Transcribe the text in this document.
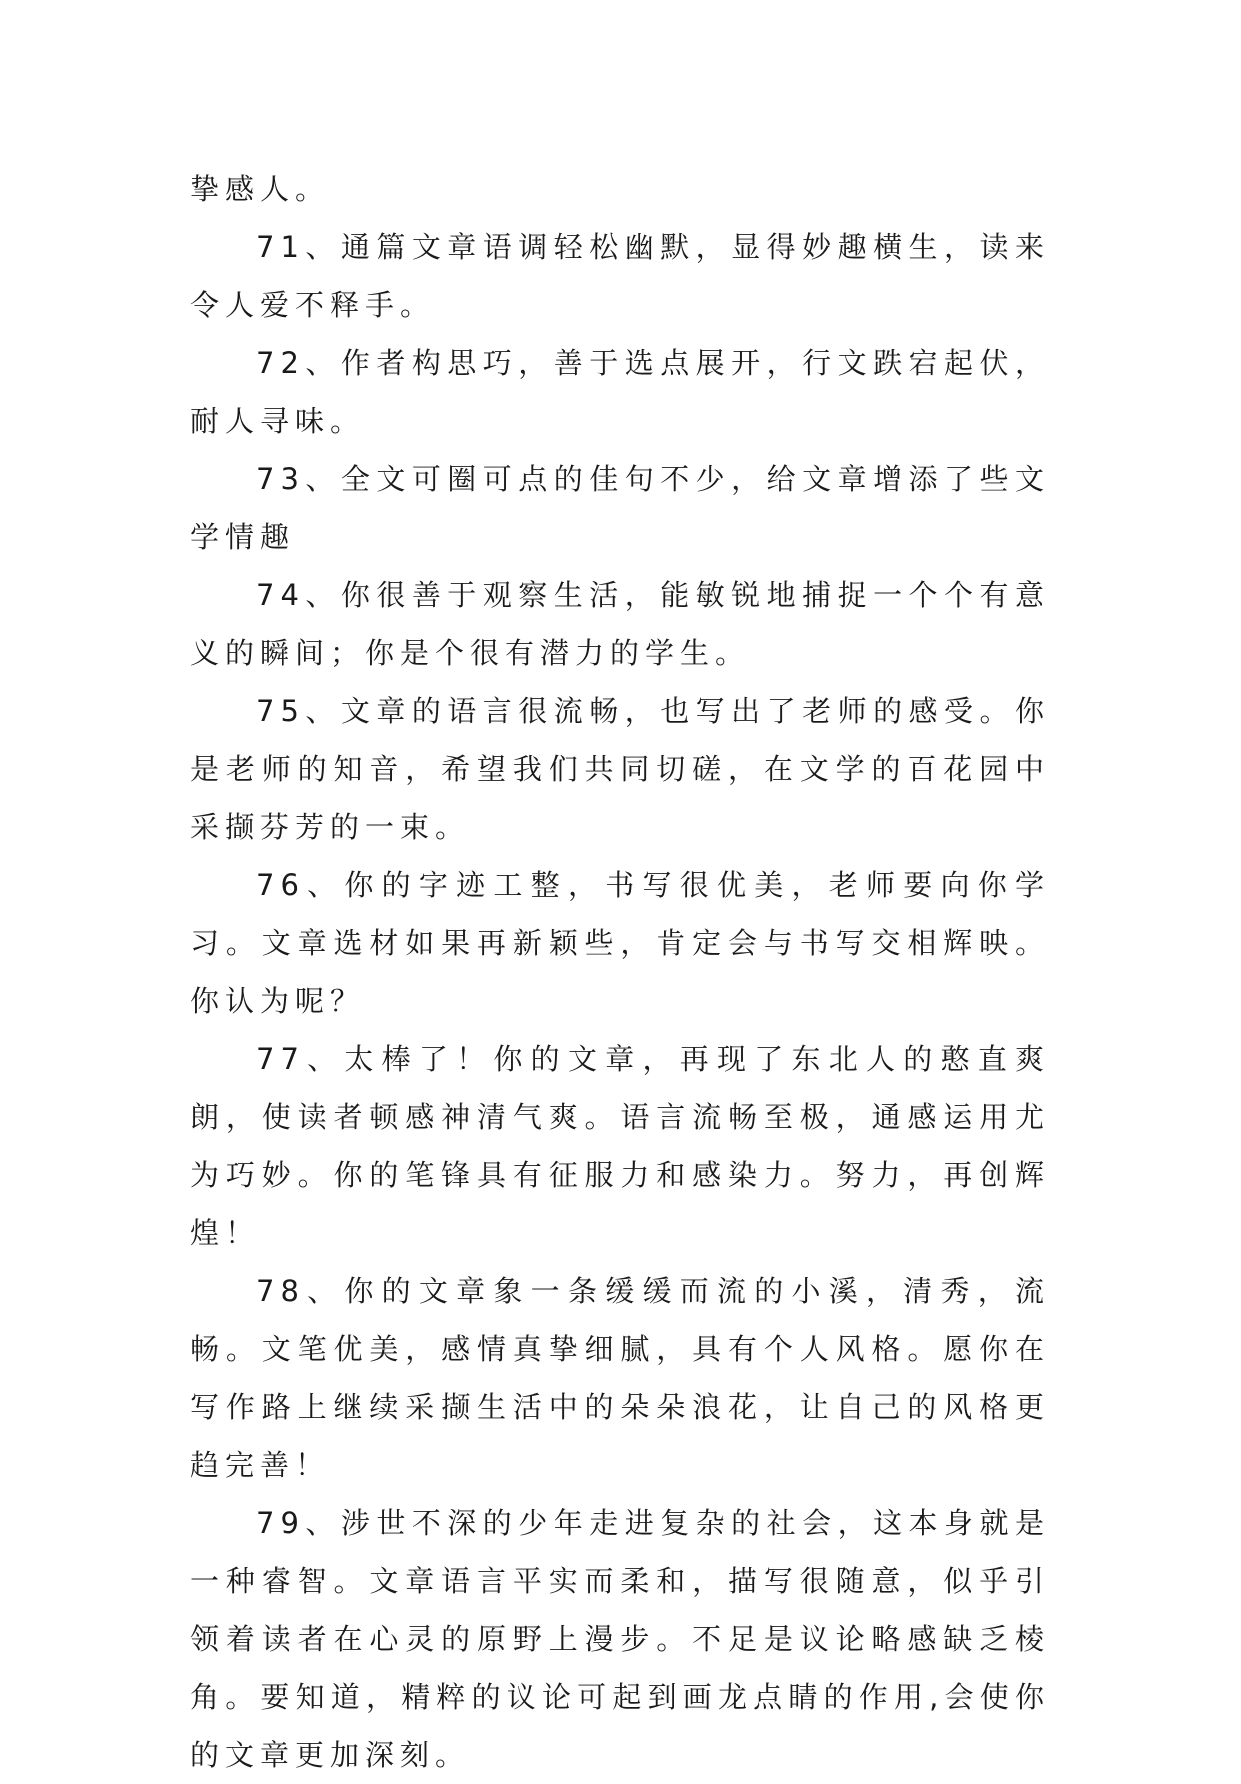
挚感人。

71、通篇文章语调轻松幽默，显得妙趣横生，读来令人爱不释手。

72、作者构思巧，善于选点展开，行文跌宕起伏，耐人寻味。

73、全文可圈可点的佳句不少，给文章增添了些文学情趣

74、你很善于观察生活，能敏锐地捕捉一个个有意义的瞬间；你是个很有潜力的学生。

75、文章的语言很流畅，也写出了老师的感受。你是老师的知音，希望我们共同切磋，在文学的百花园中采撷芬芳的一束。

76、你的字迹工整，书写很优美，老师要向你学习。文章选材如果再新颖些，肯定会与书写交相辉映。你认为呢？

77、太棒了！你的文章，再现了东北人的憨直爽朗，使读者顿感神清气爽。语言流畅至极，通感运用尤为巧妙。你的笔锋具有征服力和感染力。努力，再创辉煌！

78、你的文章象一条缓缓而流的小溪，清秀，流畅。文笔优美，感情真挚细腻，具有个人风格。愿你在写作路上继续采撷生活中的朵朵浪花，让自己的风格更趋完善！

79、涉世不深的少年走进复杂的社会，这本身就是一种睿智。文章语言平实而柔和，描写很随意，似乎引领着读者在心灵的原野上漫步。不足是议论略感缺乏棱角。要知道，精粹的议论可起到画龙点睛的作用,会使你的文章更加深刻。
